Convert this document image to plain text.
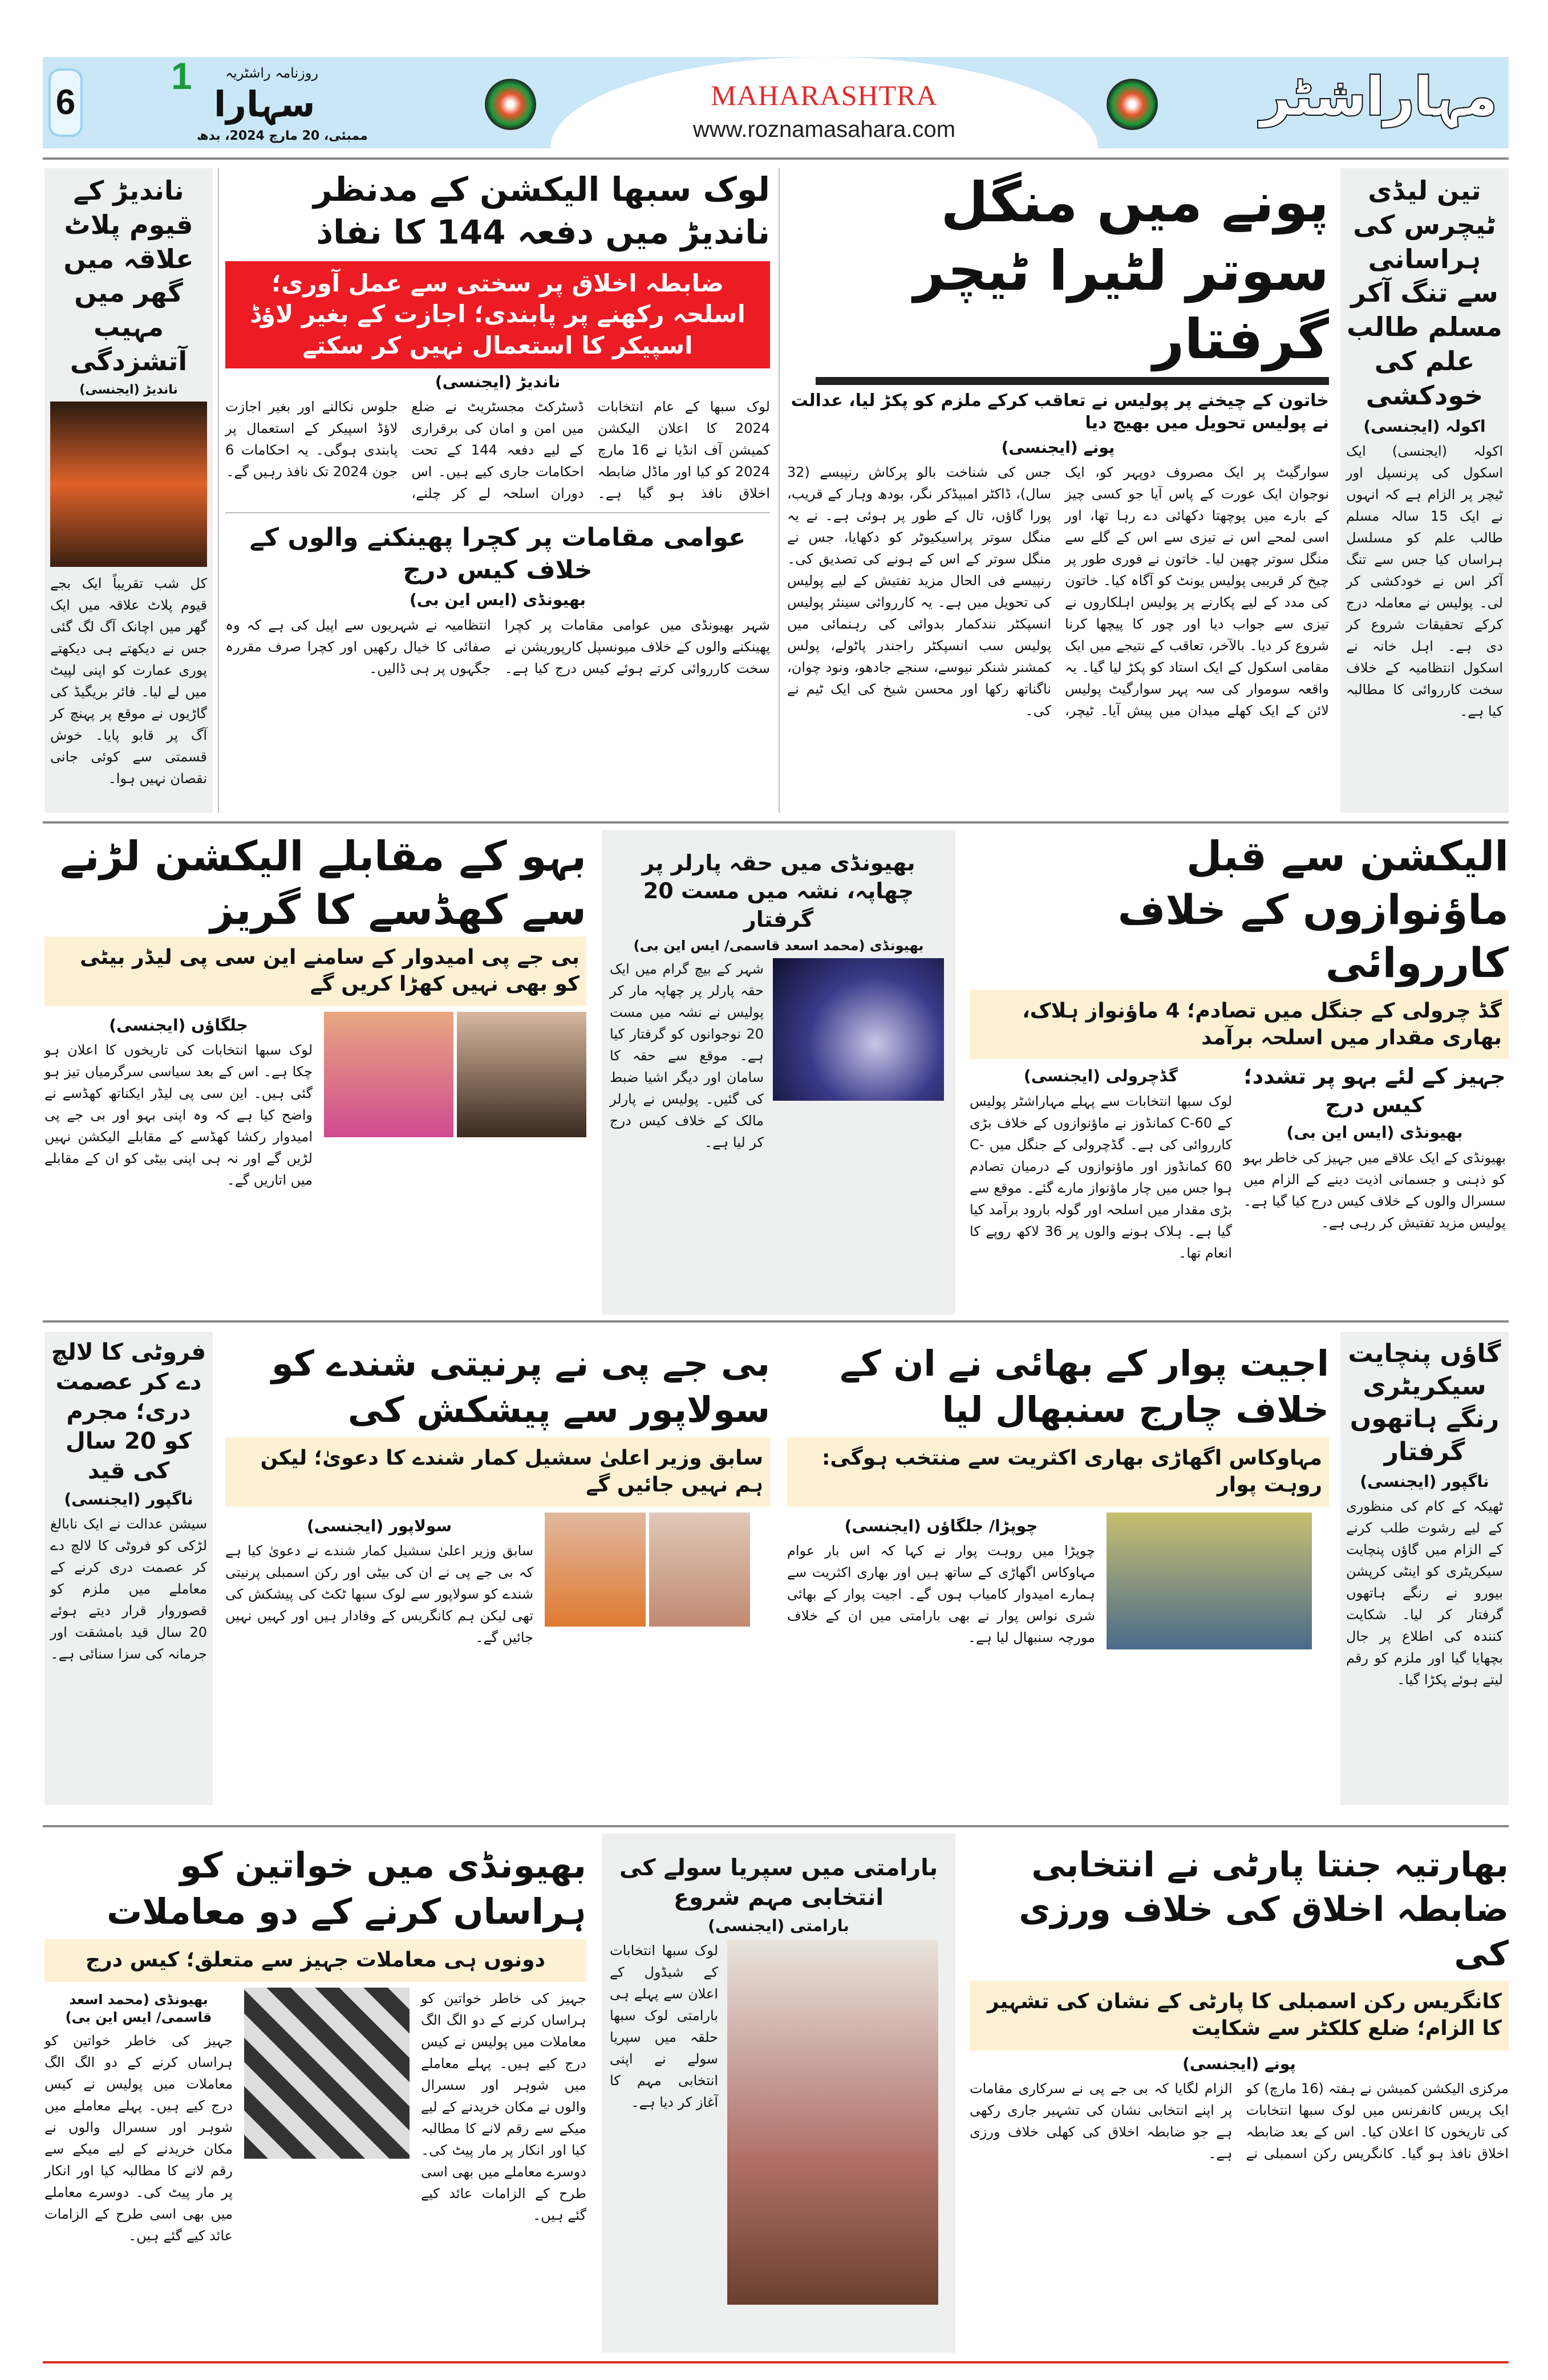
MAHARASHTRA
www.roznamasahara.com
6
1 روزنامہ راشٹریہ
سہارا
ممبئی، 20 مارچ 2024، بدھ
مہاراشٹر
تین لیڈی ٹیچرس کی ہراسانی سے تنگ آکر مسلم طالب علم کی خودکشی
اکولہ (ایجنسی)
اکولہ (ایجنسی) ایک اسکول کی پرنسپل اور ٹیچر پر الزام ہے کہ انہوں نے ایک 15 سالہ مسلم طالب علم کو مسلسل ہراساں کیا جس سے تنگ آکر اس نے خودکشی کر لی۔ پولیس نے معاملہ درج کرکے تحقیقات شروع کر دی ہے۔ اہل خانہ نے اسکول انتظامیہ کے خلاف سخت کارروائی کا مطالبہ کیا ہے۔
پونے میں منگل سوتر لٹیرا ٹیچر گرفتار
خاتون کے چیخنے پر پولیس نے تعاقب کرکے ملزم کو پکڑ لیا، عدالت نے پولیس تحویل میں بھیج دیا
پونے (ایجنسی)
سوارگیٹ پر ایک مصروف دوپہر کو، ایک نوجوان ایک عورت کے پاس آیا جو کسی چیز کے بارے میں پوچھتا دکھائی دے رہا تھا، اور اسی لمحے اس نے تیزی سے اس کے گلے سے منگل سوتر چھین لیا۔ خاتون نے فوری طور پر چیخ کر قریبی پولیس یونٹ کو آگاہ کیا۔ خاتون کی مدد کے لیے پکارنے پر پولیس اہلکاروں نے تیزی سے جواب دیا اور چور کا پیچھا کرنا شروع کر دیا۔ بالآخر، تعاقب کے نتیجے میں ایک مقامی اسکول کے ایک استاد کو پکڑ لیا گیا۔ یہ واقعہ سوموار کی سہ پہر سوارگیٹ پولیس لائن کے ایک کھلے میدان میں پیش آیا۔ ٹیچر، جس کی شناخت بالو پرکاش رنپیسے (32 سال)، ڈاکٹر امبیڈکر نگر، بودھ وہار کے قریب، پورا گاؤں، تال کے طور پر ہوئی ہے۔ نے یہ منگل سوتر پراسیکیوٹر کو دکھایا، جس نے منگل سوتر کے اس کے ہونے کی تصدیق کی۔ رنپیسے فی الحال مزید تفتیش کے لیے پولیس کی تحویل میں ہے۔ یہ کارروائی سینئر پولیس انسپکٹر نندکمار بدوائی کی رہنمائی میں پولیس سب انسپکٹر راجندر پاٹولے، پولس کمشنر شنکر نیوسے، سنجے جادھو، ونود چوان، ناگناتھ رکھا اور محسن شیخ کی ایک ٹیم نے کی۔
لوک سبھا الیکشن کے مدنظر ناندیڑ میں دفعہ 144 کا نفاذ
ضابطہ اخلاق پر سختی سے عمل آوری؛ اسلحہ رکھنے پر پابندی؛ اجازت کے بغیر لاؤڈ اسپیکر کا استعمال نہیں کر سکتے
ناندیڑ (ایجنسی)
لوک سبھا کے عام انتخابات 2024 کا اعلان الیکشن کمیشن آف انڈیا نے 16 مارچ 2024 کو کیا اور ماڈل ضابطہ اخلاق نافذ ہو گیا ہے۔ ڈسٹرکٹ مجسٹریٹ نے ضلع میں امن و امان کی برقراری کے لیے دفعہ 144 کے تحت احکامات جاری کیے ہیں۔ اس دوران اسلحہ لے کر چلنے، جلوس نکالنے اور بغیر اجازت لاؤڈ اسپیکر کے استعمال پر پابندی ہوگی۔ یہ احکامات 6 جون 2024 تک نافذ رہیں گے۔
عوامی مقامات پر کچرا پھینکنے والوں کے خلاف کیس درج
بھیونڈی (ایس این بی)
شہر بھیونڈی میں عوامی مقامات پر کچرا پھینکنے والوں کے خلاف میونسپل کارپوریشن نے سخت کارروائی کرتے ہوئے کیس درج کیا ہے۔ انتظامیہ نے شہریوں سے اپیل کی ہے کہ وہ صفائی کا خیال رکھیں اور کچرا صرف مقررہ جگہوں پر ہی ڈالیں۔
ناندیڑ کے قیوم پلاٹ علاقہ میں گھر میں مہیب آتشزدگی
ناندیڑ (ایجنسی)
کل شب تقریباً ایک بجے قیوم پلاٹ علاقہ میں ایک گھر میں اچانک آگ لگ گئی جس نے دیکھتے ہی دیکھتے پوری عمارت کو اپنی لپیٹ میں لے لیا۔ فائر بریگیڈ کی گاڑیوں نے موقع پر پہنچ کر آگ پر قابو پایا۔ خوش قسمتی سے کوئی جانی نقصان نہیں ہوا۔
الیکشن سے قبل ماؤنوازوں کے خلاف کارروائی
گڈ چرولی کے جنگل میں تصادم؛ 4 ماؤنواز ہلاک، بھاری مقدار میں اسلحہ برآمد
گڈچرولی (ایجنسی)
لوک سبھا انتخابات سے پہلے مہاراشٹر پولیس کے C-60 کمانڈوز نے ماؤنوازوں کے خلاف بڑی کارروائی کی ہے۔ گڈچرولی کے جنگل میں C-60 کمانڈوز اور ماؤنوازوں کے درمیان تصادم ہوا جس میں چار ماؤنواز مارے گئے۔ موقع سے بڑی مقدار میں اسلحہ اور گولہ بارود برآمد کیا گیا ہے۔ ہلاک ہونے والوں پر 36 لاکھ روپے کا انعام تھا۔
جہیز کے لئے بہو پر تشدد؛ کیس درج
بھیونڈی (ایس این بی)
بھیونڈی کے ایک علاقے میں جہیز کی خاطر بہو کو ذہنی و جسمانی اذیت دینے کے الزام میں سسرال والوں کے خلاف کیس درج کیا گیا ہے۔ پولیس مزید تفتیش کر رہی ہے۔
بھیونڈی میں حقہ پارلر پر چھاپہ، نشہ میں مست 20 گرفتار
بھیونڈی (محمد اسعد قاسمی/ ایس این بی)
شہر کے بیچ گرام میں ایک حقہ پارلر پر چھاپہ مار کر پولیس نے نشہ میں مست 20 نوجوانوں کو گرفتار کیا ہے۔ موقع سے حقہ کا سامان اور دیگر اشیا ضبط کی گئیں۔ پولیس نے پارلر مالک کے خلاف کیس درج کر لیا ہے۔
بہو کے مقابلے الیکشن لڑنے سے کھڈسے کا گریز
بی جے پی امیدوار کے سامنے این سی پی لیڈر بیٹی کو بھی نہیں کھڑا کریں گے
جلگاؤں (ایجنسی)
لوک سبھا انتخابات کی تاریخوں کا اعلان ہو چکا ہے۔ اس کے بعد سیاسی سرگرمیاں تیز ہو گئی ہیں۔ این سی پی لیڈر ایکناتھ کھڈسے نے واضح کیا ہے کہ وہ اپنی بہو اور بی جے پی امیدوار رکشا کھڈسے کے مقابلے الیکشن نہیں لڑیں گے اور نہ ہی اپنی بیٹی کو ان کے مقابلے میں اتاریں گے۔
گاؤں پنچایت سیکریٹری رنگے ہاتھوں گرفتار
ناگپور (ایجنسی)
ٹھیکہ کے کام کی منظوری کے لیے رشوت طلب کرنے کے الزام میں گاؤں پنچایت سیکریٹری کو اینٹی کرپشن بیورو نے رنگے ہاتھوں گرفتار کر لیا۔ شکایت کنندہ کی اطلاع پر جال بچھایا گیا اور ملزم کو رقم لیتے ہوئے پکڑا گیا۔
اجیت پوار کے بھائی نے ان کے خلاف چارج سنبھال لیا
مہاوکاس اگھاڑی بھاری اکثریت سے منتخب ہوگی: روہت پوار
چوپڑا/ جلگاؤں (ایجنسی)
چوپڑا میں روہت پوار نے کہا کہ اس بار عوام مہاوکاس اگھاڑی کے ساتھ ہیں اور بھاری اکثریت سے ہمارے امیدوار کامیاب ہوں گے۔ اجیت پوار کے بھائی شری نواس پوار نے بھی بارامتی میں ان کے خلاف مورچہ سنبھال لیا ہے۔
بی جے پی نے پرنیتی شندے کو سولاپور سے پیشکش کی
سابق وزیر اعلیٰ سشیل کمار شندے کا دعویٰ؛ لیکن ہم نہیں جائیں گے
سولاپور (ایجنسی)
سابق وزیر اعلیٰ سشیل کمار شندے نے دعویٰ کیا ہے کہ بی جے پی نے ان کی بیٹی اور رکن اسمبلی پرنیتی شندے کو سولاپور سے لوک سبھا ٹکٹ کی پیشکش کی تھی لیکن ہم کانگریس کے وفادار ہیں اور کہیں نہیں جائیں گے۔
فروٹی کا لالچ دے کر عصمت دری؛ مجرم کو 20 سال کی قید
ناگپور (ایجنسی)
سیشن عدالت نے ایک نابالغ لڑکی کو فروٹی کا لالچ دے کر عصمت دری کرنے کے معاملے میں ملزم کو قصوروار قرار دیتے ہوئے 20 سال قید بامشقت اور جرمانہ کی سزا سنائی ہے۔
بھارتیہ جنتا پارٹی نے انتخابی ضابطہ اخلاق کی خلاف ورزی کی
کانگریس رکن اسمبلی کا پارٹی کے نشان کی تشہیر کا الزام؛ ضلع کلکٹر سے شکایت
پونے (ایجنسی)
مرکزی الیکشن کمیشن نے ہفتہ (16 مارچ) کو ایک پریس کانفرنس میں لوک سبھا انتخابات کی تاریخوں کا اعلان کیا۔ اس کے بعد ضابطہ اخلاق نافذ ہو گیا۔ کانگریس رکن اسمبلی نے الزام لگایا کہ بی جے پی نے سرکاری مقامات پر اپنے انتخابی نشان کی تشہیر جاری رکھی ہے جو ضابطہ اخلاق کی کھلی خلاف ورزی ہے۔
بارامتی میں سپریا سولے کی انتخابی مہم شروع
بارامتی (ایجنسی)
لوک سبھا انتخابات کے شیڈول کے اعلان سے پہلے ہی بارامتی لوک سبھا حلقہ میں سپریا سولے نے اپنی انتخابی مہم کا آغاز کر دیا ہے۔
بھیونڈی میں خواتین کو ہراساں کرنے کے دو معاملات
دونوں ہی معاملات جہیز سے متعلق؛ کیس درج
بھیونڈی (محمد اسعد قاسمی/ ایس این بی)
جہیز کی خاطر خواتین کو ہراساں کرنے کے دو الگ الگ معاملات میں پولیس نے کیس درج کیے ہیں۔ پہلے معاملے میں شوہر اور سسرال والوں نے مکان خریدنے کے لیے میکے سے رقم لانے کا مطالبہ کیا اور انکار پر مار پیٹ کی۔ دوسرے معاملے میں بھی اسی طرح کے الزامات عائد کیے گئے ہیں۔
جہیز کی خاطر خواتین کو ہراساں کرنے کے دو الگ الگ معاملات میں پولیس نے کیس درج کیے ہیں۔ پہلے معاملے میں شوہر اور سسرال والوں نے مکان خریدنے کے لیے میکے سے رقم لانے کا مطالبہ کیا اور انکار پر مار پیٹ کی۔ دوسرے معاملے میں بھی اسی طرح کے الزامات عائد کیے گئے ہیں۔
